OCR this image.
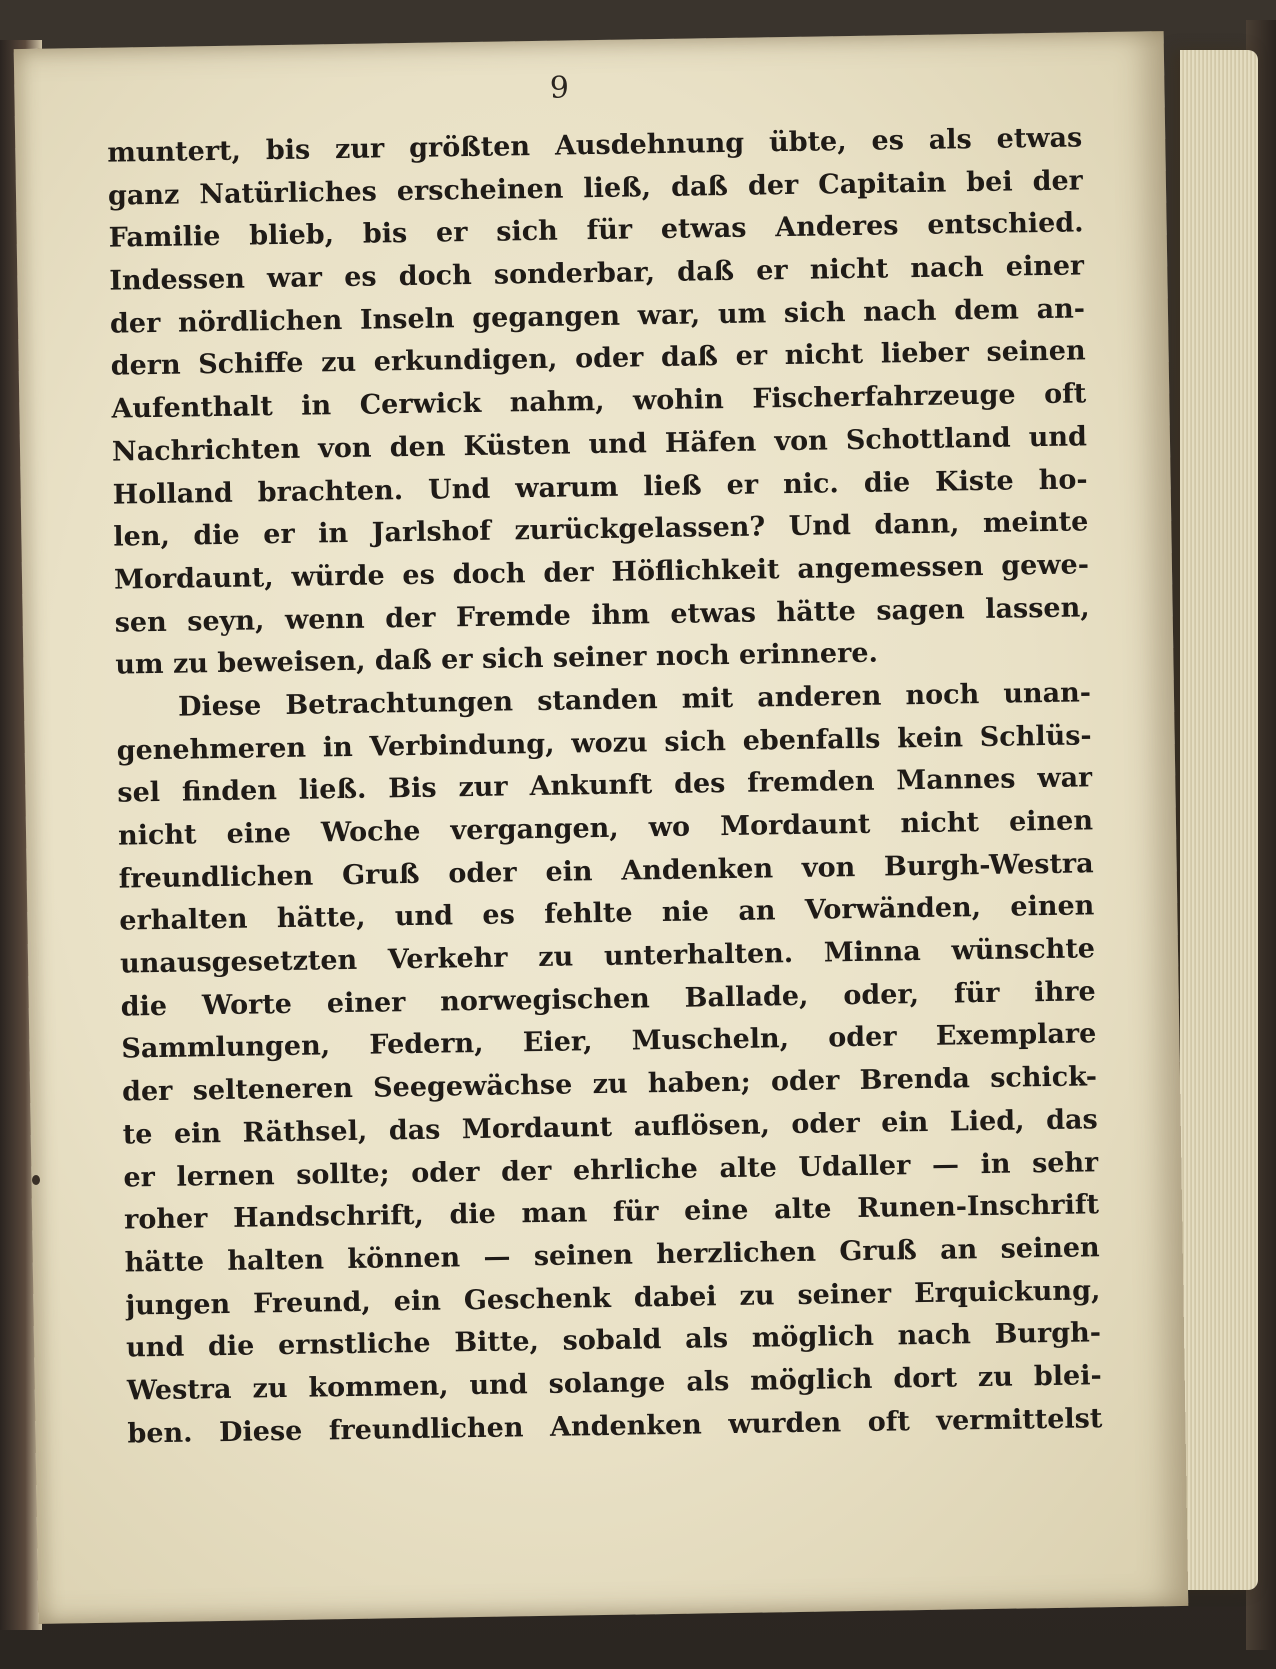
9
muntert, bis zur größten Ausdehnung übte, es als etwas
ganz Natürliches erscheinen ließ, daß der Capitain bei der
Familie blieb, bis er sich für etwas Anderes entschied.
Indessen war es doch sonderbar, daß er nicht nach einer
der nördlichen Inseln gegangen war, um sich nach dem an-
dern Schiffe zu erkundigen, oder daß er nicht lieber seinen
Aufenthalt in Cerwick nahm, wohin Fischerfahrzeuge oft
Nachrichten von den Küsten und Häfen von Schottland und
Holland brachten. Und warum ließ er nic. die Kiste ho-
len, die er in Jarlshof zurückgelassen? Und dann, meinte
Mordaunt, würde es doch der Höflichkeit angemessen gewe-
sen seyn, wenn der Fremde ihm etwas hätte sagen lassen,
um zu beweisen, daß er sich seiner noch erinnere.
Diese Betrachtungen standen mit anderen noch unan-
genehmeren in Verbindung, wozu sich ebenfalls kein Schlüs-
sel finden ließ. Bis zur Ankunft des fremden Mannes war
nicht eine Woche vergangen, wo Mordaunt nicht einen
freundlichen Gruß oder ein Andenken von Burgh-Westra
erhalten hätte, und es fehlte nie an Vorwänden, einen
unausgesetzten Verkehr zu unterhalten. Minna wünschte
die Worte einer norwegischen Ballade, oder, für ihre
Sammlungen, Federn, Eier, Muscheln, oder Exemplare
der selteneren Seegewächse zu haben; oder Brenda schick-
te ein Räthsel, das Mordaunt auflösen, oder ein Lied, das
er lernen sollte; oder der ehrliche alte Udaller — in sehr
roher Handschrift, die man für eine alte Runen-Inschrift
hätte halten können — seinen herzlichen Gruß an seinen
jungen Freund, ein Geschenk dabei zu seiner Erquickung,
und die ernstliche Bitte, sobald als möglich nach Burgh-
Westra zu kommen, und solange als möglich dort zu blei-
ben. Diese freundlichen Andenken wurden oft vermittelst
